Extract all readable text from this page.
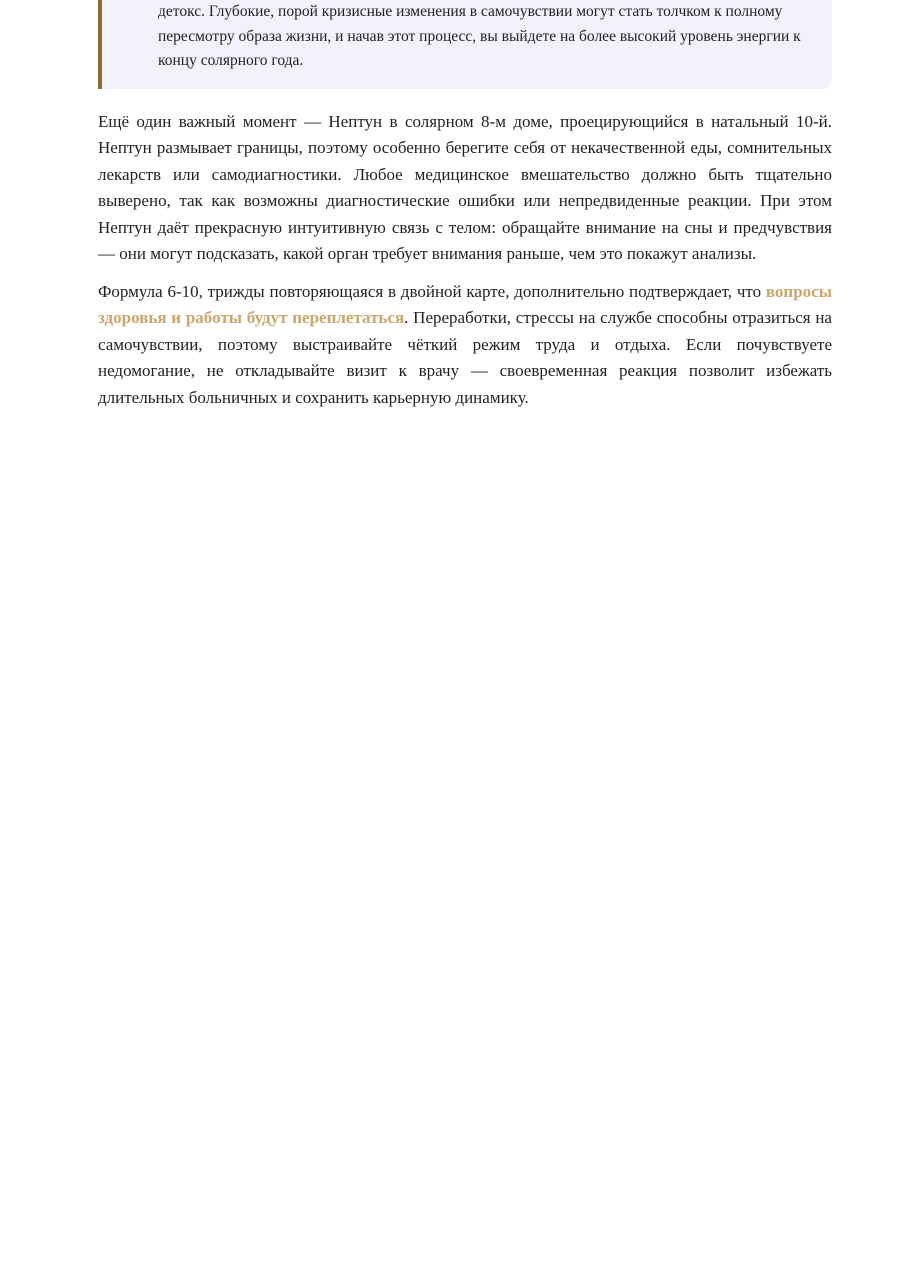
детокс. Глубокие, порой кризисные изменения в самочувствии могут стать толчком к полному
пересмотру образа жизни, и начав этот процесс, вы выйдете на более высокий уровень энергии к
концу солярного года.

Ещё один важный момент — Нептун в солярном 8-м доме, проецирующийся в натальный 10-й. Нептун размывает границы, поэтому особенно берегите себя от некачественной еды, сомнительных лекарств или самодиагностики. Любое медицинское вмешательство должно быть тщательно выверено, так как возможны диагностические ошибки или непредвиденные реакции. При этом Нептун даёт прекрасную интуитивную связь с телом: обращайте внимание на сны и предчувствия — они могут подсказать, какой орган требует внимания раньше, чем это покажут анализы.

Формула 6-10, трижды повторяющаяся в двойной карте, дополнительно подтверждает, что вопросы здоровья и работы будут переплетаться. Переработки, стрессы на службе способны отразиться на самочувствии, поэтому выстраивайте чёткий режим труда и отдыха. Если почувствуете недомогание, не откладывайте визит к врачу — своевременная реакция позволит избежать длительных больничных и сохранить карьерную динамику.
